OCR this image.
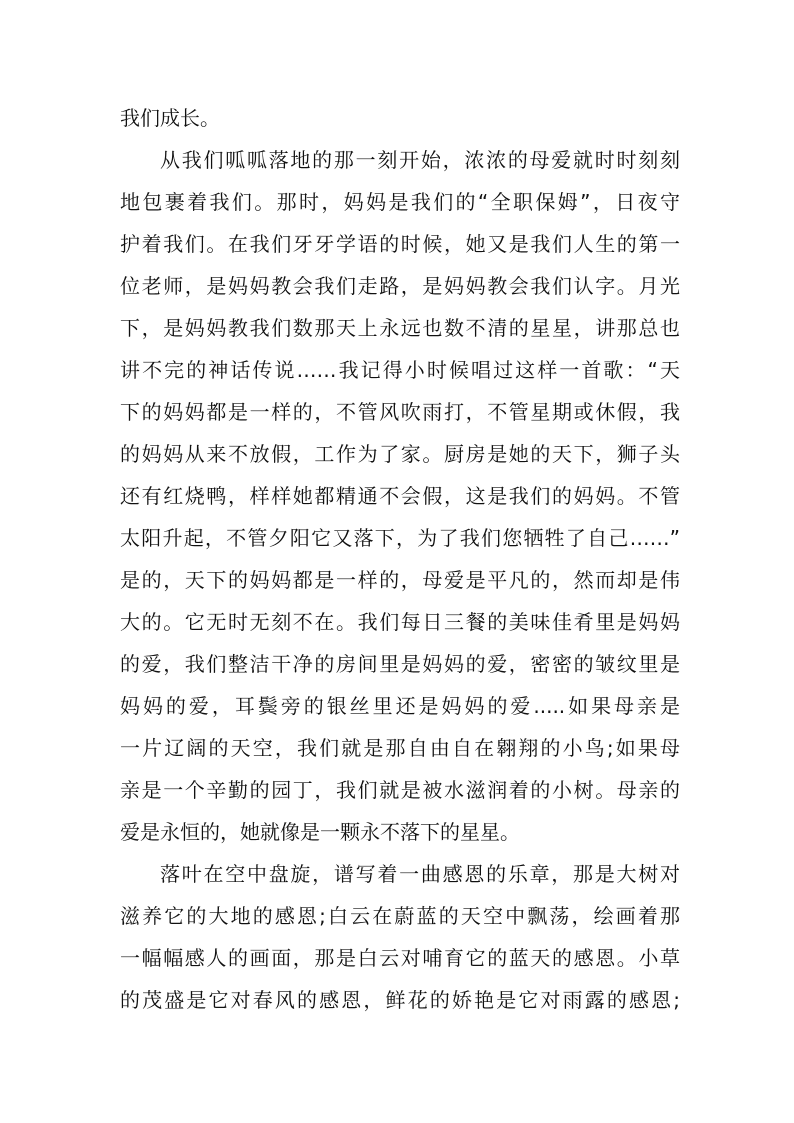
我们成长。
从我们呱呱落地的那一刻开始，浓浓的母爱就时时刻刻
地包裹着我们。那时，妈妈是我们的“全职保姆”，日夜守
护着我们。在我们牙牙学语的时候，她又是我们人生的第一
位老师，是妈妈教会我们走路，是妈妈教会我们认字。月光
下，是妈妈教我们数那天上永远也数不清的星星，讲那总也
讲不完的神话传说……我记得小时候唱过这样一首歌：“天
下的妈妈都是一样的，不管风吹雨打，不管星期或休假，我
的妈妈从来不放假，工作为了家。厨房是她的天下，狮子头
还有红烧鸭，样样她都精通不会假，这是我们的妈妈。不管
太阳升起，不管夕阳它又落下，为了我们您牺牲了自己……”
是的，天下的妈妈都是一样的，母爱是平凡的，然而却是伟
大的。它无时无刻不在。我们每日三餐的美味佳肴里是妈妈
的爱，我们整洁干净的房间里是妈妈的爱，密密的皱纹里是
妈妈的爱，耳鬓旁的银丝里还是妈妈的爱.....如果母亲是
一片辽阔的天空，我们就是那自由自在翱翔的小鸟;如果母
亲是一个辛勤的园丁，我们就是被水滋润着的小树。母亲的
爱是永恒的，她就像是一颗永不落下的星星。
落叶在空中盘旋，谱写着一曲感恩的乐章，那是大树对
滋养它的大地的感恩;白云在蔚蓝的天空中飘荡，绘画着那
一幅幅感人的画面，那是白云对哺育它的蓝天的感恩。小草
的茂盛是它对春风的感恩，鲜花的娇艳是它对雨露的感恩;
